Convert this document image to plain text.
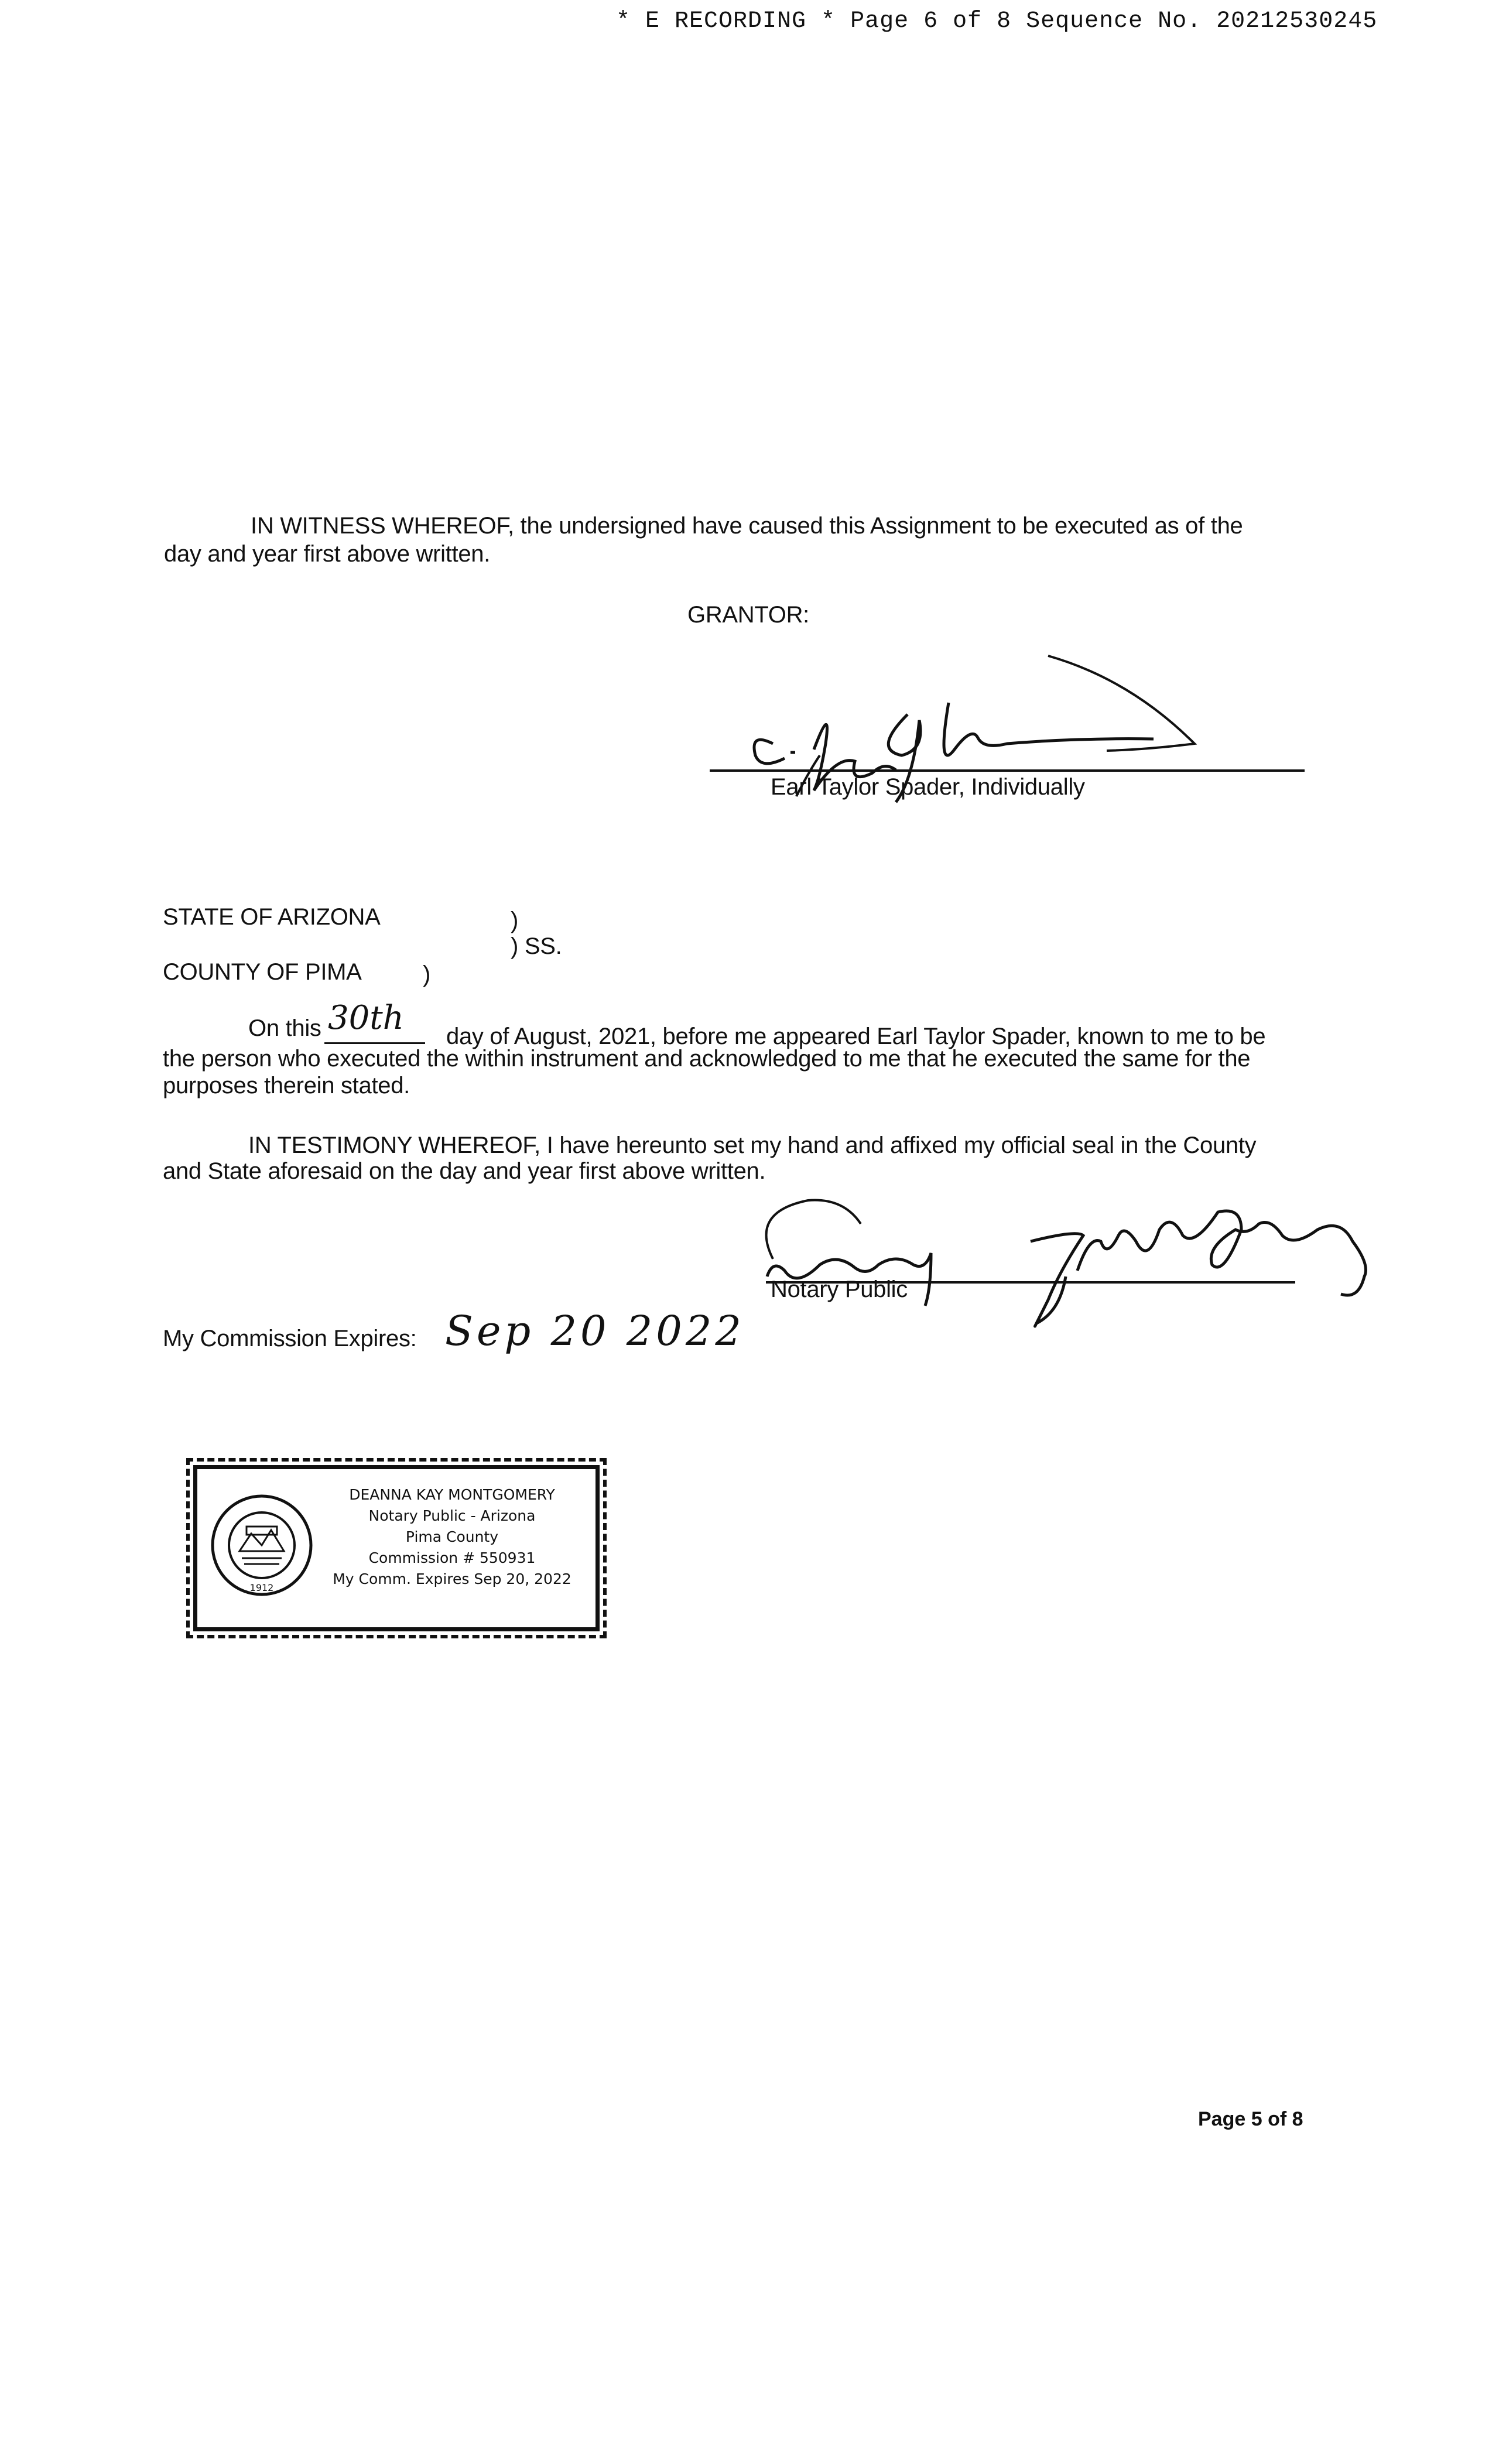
* E RECORDING * Page 6 of 8 Sequence No. 20212530245
IN WITNESS WHEREOF, the undersigned have caused this Assignment to be executed as of the
day and year first above written.
GRANTOR:
Earl Taylor Spader, Individually
STATE OF ARIZONA	)
) SS.
COUNTY OF PIMA	)
On this 30th day of August, 2021, before me appeared Earl Taylor Spader, known to me to be
the person who executed the within instrument and acknowledged to me that he executed the same for the
purposes therein stated.
IN TESTIMONY WHEREOF, I have hereunto set my hand and affixed my official seal in the County
and State aforesaid on the day and year first above written.
Notary Public
My Commission Expires: Sep 20 2022
1912
DEANNA KAY MONTGOMERY
Notary Public - Arizona
Pima County
Commission # 550931
My Comm. Expires Sep 20, 2022
Page 5 of 8
